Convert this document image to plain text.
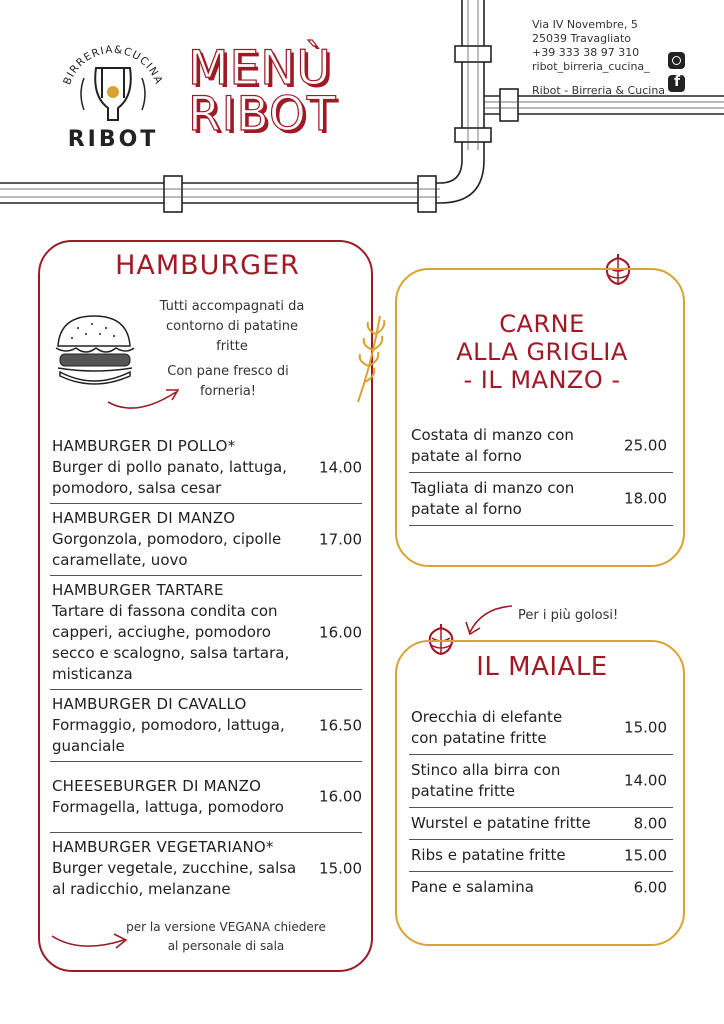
BIRRERIA&CUCINA
RIBOT
MENÙ
RIBOT
Via IV Novembre, 5
25039 Travagliato
+39 333 38 97 310
ribot_birreria_cucina_
Ribot - Birreria & Cucina
f
HAMBURGER
Tutti accompagnati da contorno di patatine fritte
Con pane fresco di forneria!
HAMBURGER DI POLLO*
Burger di pollo panato, lattuga, pomodoro, salsa cesar
14.00
HAMBURGER DI MANZO
Gorgonzola, pomodoro, cipolle caramellate, uovo
17.00
HAMBURGER TARTARE
Tartare di fassona condita con capperi, acciughe, pomodoro secco e scalogno, salsa tartara, misticanza
16.00
HAMBURGER DI CAVALLO
Formaggio, pomodoro, lattuga, guanciale
16.50
CHEESEBURGER DI MANZO
Formagella, lattuga, pomodoro
16.00
HAMBURGER VEGETARIANO*
Burger vegetale, zucchine, salsa al radicchio, melanzane
15.00
per la versione VEGANA chiedere al personale di sala
CARNE
ALLA GRIGLIA
- IL MANZO -
Costata di manzo con patate al forno
25.00
Tagliata di manzo con patate al forno
18.00
Per i più golosi!
IL MAIALE
Orecchia di elefante con patatine fritte
15.00
Stinco alla birra con patatine fritte
14.00
Wurstel e patatine fritte	8.00
Ribs e patatine fritte	15.00
Pane e salamina	6.00
